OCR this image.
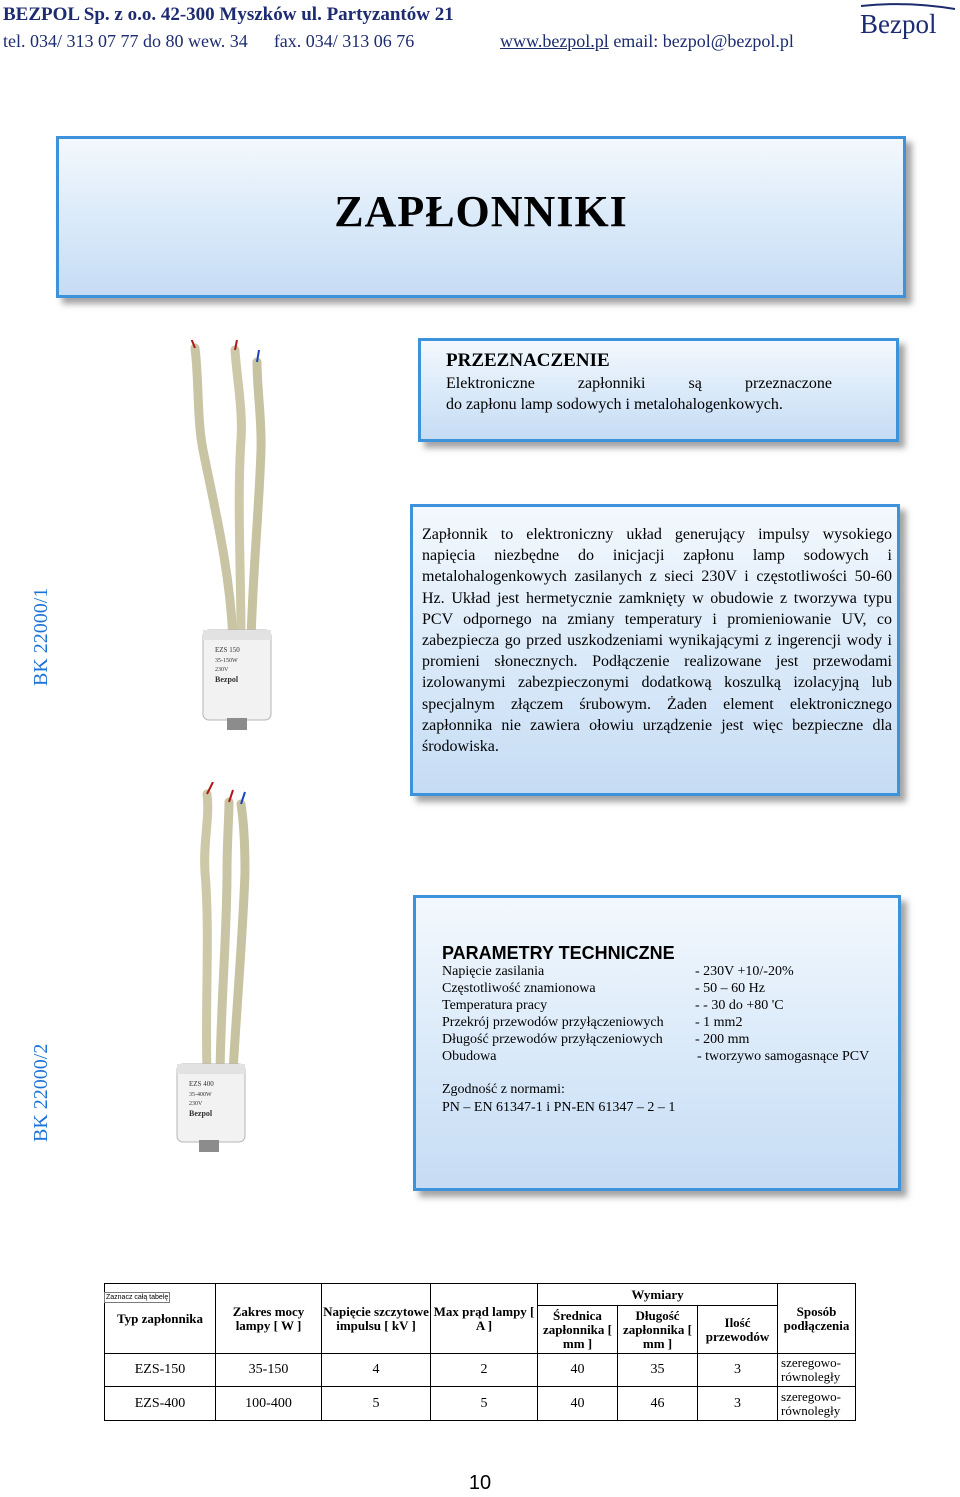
BEZPOL Sp. z o.o. 42-300 Myszków ul. Partyzantów 21
tel. 034/ 313 07 77 do 80 wew. 34 fax. 034/ 313 06 76	www.bezpol.pl email: bezpol@bezpol.pl
Bezpol
ZAPŁONNIKI
BK 22000/1
BK 22000/2
EZS 150
35-150W
230V
Bezpol
EZS 400
35-400W
230V
Bezpol
PRZEZNACZENIE
Elektroniczne zapłonniki są przeznaczone
do zapłonu lamp sodowych i metalohalogenkowych.
Zapłonnik to elektroniczny układ generujący impulsy wysokiego napięcia niezbędne do inicjacji zapłonu lamp sodowych i metalohalogenkowych zasilanych z sieci 230V i częstotliwości 50-60 Hz. Układ jest hermetycznie zamknięty w obudowie z tworzywa typu PCV odpornego na zmiany temperatury i promieniowanie UV, co zabezpiecza go przed uszkodzeniami wynikającymi z ingerencji wody i promieni słonecznych. Podłączenie realizowane jest przewodami izolowanymi zabezpieczonymi dodatkową koszulką izolacyjną lub specjalnym złączem śrubowym. Żaden element elektronicznego zapłonnika nie zawiera ołowiu urządzenie jest więc bezpieczne dla środowiska.
PARAMETRY TECHNICZNE
Napięcie zasilania	- 230V +10/-20%
Częstotliwość znamionowa	- 50 – 60 Hz
Temperatura pracy	- - 30 do +80 'C
Przekrój przewodów przyłączeniowych - 1 mm2
Długość przewodów przyłączeniowych - 200 mm
Obudowa	- tworzywo samogasnące PCV
Zgodność z normami:
PN – EN 61347-1 i PN-EN 61347 – 2 – 1
Typ zapłonnika	Zakres mocy lampy [ W ]	Napięcie szczytowe impulsu [ kV ]	Max prąd lampy [ A ]	Wymiary			Sposób podłączenia
				Średnica zapłonnika [ mm ]	Długość zapłonnika [ mm ]	Ilość przewodów	
EZS-150	35-150	4	2	40	35	3	szeregowo-równoległy
EZS-400	100-400	5	5	40	46	3	szeregowo-równoległy
Zaznacz całą tabelę
10
